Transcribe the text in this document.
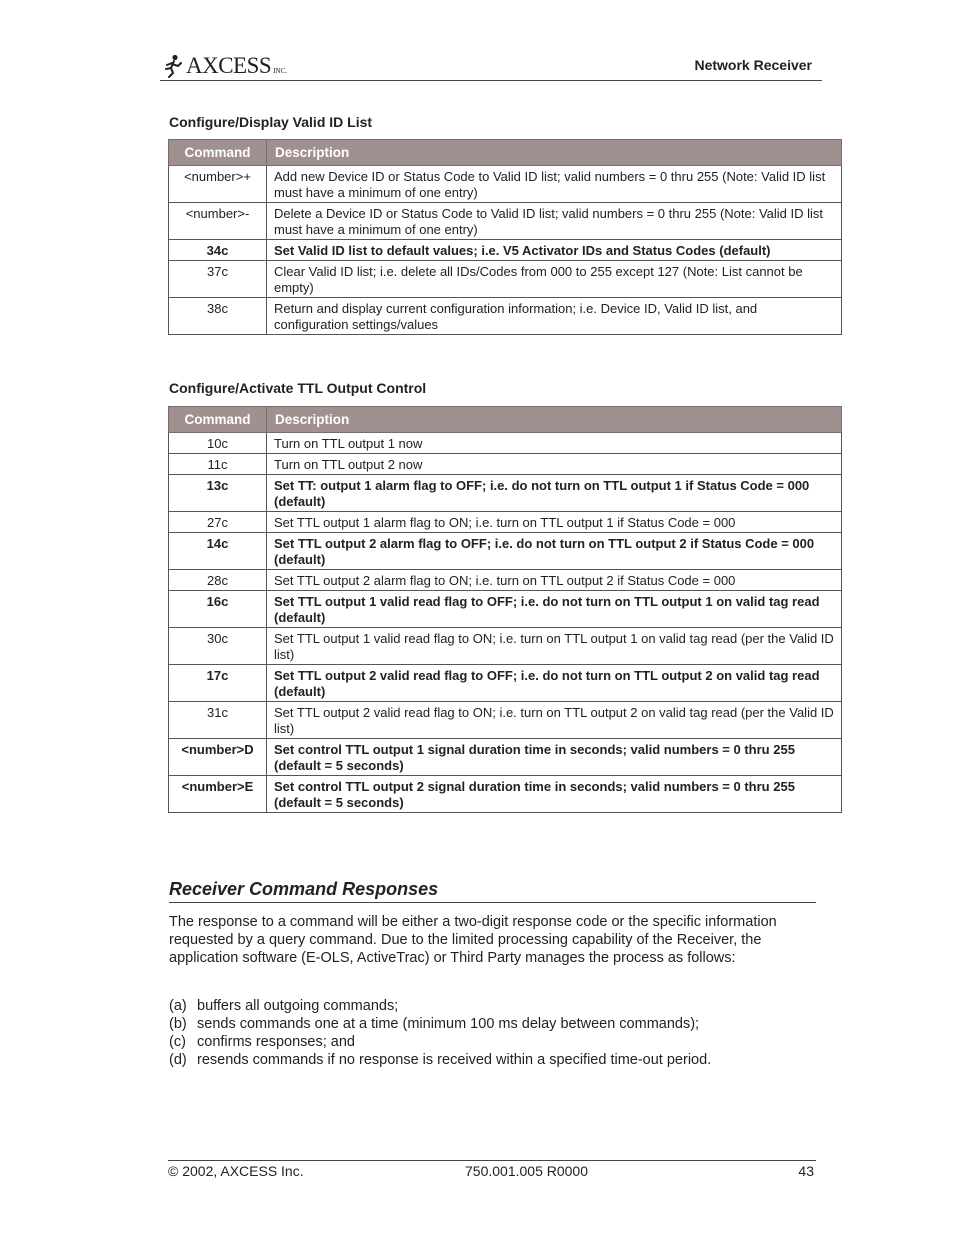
AXCESS INC.	Network Receiver
Configure/Display Valid ID List
Command	Description
<number>+	Add new Device ID or Status Code to Valid ID list; valid numbers = 0 thru 255 (Note: Valid ID list must have a minimum of one entry)
<number>-	Delete a Device ID or Status Code to Valid ID list; valid numbers = 0 thru 255 (Note: Valid ID list must have a minimum of one entry)
34c	Set Valid ID list to default values; i.e. V5 Activator IDs and Status Codes (default)
37c	Clear Valid ID list; i.e. delete all IDs/Codes from 000 to 255 except 127 (Note: List cannot be empty)
38c	Return and display current configuration information; i.e. Device ID, Valid ID list, and configuration settings/values
Configure/Activate TTL Output Control
Command	Description
10c	Turn on TTL output 1 now
11c	Turn on TTL output 2 now
13c	Set TT: output 1 alarm flag to OFF; i.e. do not turn on TTL output 1 if Status Code = 000 (default)
27c	Set TTL output 1 alarm flag to ON; i.e. turn on TTL output 1 if Status Code = 000
14c	Set TTL output 2 alarm flag to OFF; i.e. do not turn on TTL output 2 if Status Code = 000 (default)
28c	Set TTL output 2 alarm flag to ON; i.e. turn on TTL output 2 if Status Code = 000
16c	Set TTL output 1 valid read flag to OFF; i.e. do not turn on TTL output 1 on valid tag read (default)
30c	Set TTL output 1 valid read flag to ON; i.e. turn on TTL output 1 on valid tag read (per the Valid ID list)
17c	Set TTL output 2 valid read flag to OFF; i.e. do not turn on TTL output 2 on valid tag read (default)
31c	Set TTL output 2 valid read flag to ON; i.e. turn on TTL output 2 on valid tag read (per the Valid ID list)
<number>D	Set control TTL output 1 signal duration time in seconds; valid numbers = 0 thru 255 (default = 5 seconds)
<number>E	Set control TTL output 2 signal duration time in seconds; valid numbers = 0 thru 255 (default = 5 seconds)
Receiver Command Responses

The response to a command will be either a two-digit response code or the specific information requested by a query command. Due to the limited processing capability of the Receiver, the application software (E-OLS, ActiveTrac) or Third Party manages the process as follows:

(a) buffers all outgoing commands;
(b) sends commands one at a time (minimum 100 ms delay between commands);
(c) confirms responses; and
(d) resends commands if no response is received within a specified time-out period.
© 2002, AXCESS Inc.	750.001.005 R0000	43
